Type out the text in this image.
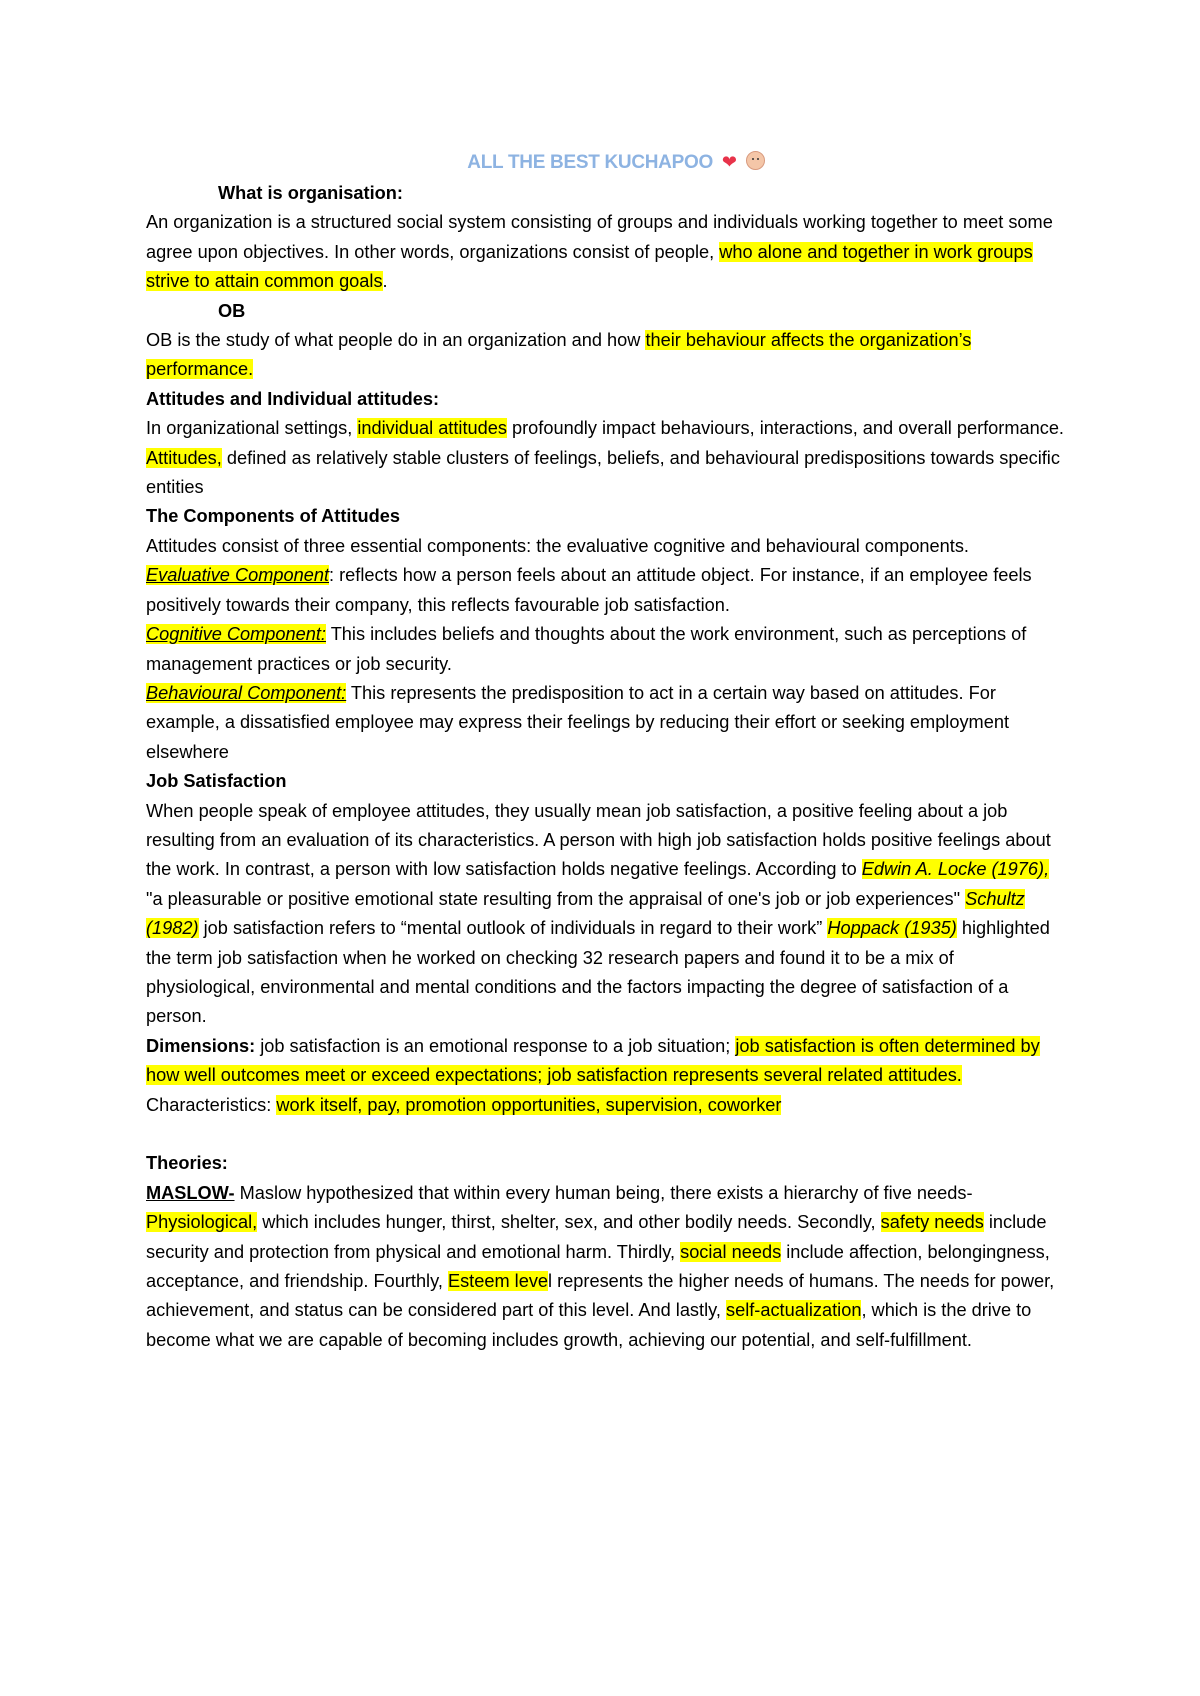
ALL THE BEST KUCHAPOO ❤

What is organisation:

An organization is a structured social system consisting of groups and individuals working together to meet some agree upon objectives. In other words, organizations consist of people, who alone and together in work groups strive to attain common goals.

OB

OB is the study of what people do in an organization and how their behaviour affects the organization’s performance.

Attitudes and Individual attitudes:

In organizational settings, individual attitudes profoundly impact behaviours, interactions, and overall performance. Attitudes, defined as relatively stable clusters of feelings, beliefs, and behavioural predispositions towards specific entities

The Components of Attitudes

Attitudes consist of three essential components: the evaluative cognitive and behavioural components.

Evaluative Component: reflects how a person feels about an attitude object. For instance, if an employee feels positively towards their company, this reflects favourable job satisfaction.

Cognitive Component: This includes beliefs and thoughts about the work environment, such as perceptions of management practices or job security.

Behavioural Component: This represents the predisposition to act in a certain way based on attitudes. For example, a dissatisfied employee may express their feelings by reducing their effort or seeking employment elsewhere

Job Satisfaction

When people speak of employee attitudes, they usually mean job satisfaction, a positive feeling about a job resulting from an evaluation of its characteristics. A person with high job satisfaction holds positive feelings about the work. In contrast, a person with low satisfaction holds negative feelings. According to Edwin A. Locke (1976), "a pleasurable or positive emotional state resulting from the appraisal of one's job or job experiences" Schultz (1982) job satisfaction refers to “mental outlook of individuals in regard to their work” Hoppack (1935) highlighted the term job satisfaction when he worked on checking 32 research papers and found it to be a mix of physiological, environmental and mental conditions and the factors impacting the degree of satisfaction of a person.

Dimensions: job satisfaction is an emotional response to a job situation; job satisfaction is often determined by how well outcomes meet or exceed expectations; job satisfaction represents several related attitudes.

Characteristics: work itself, pay, promotion opportunities, supervision, coworker

Theories:

MASLOW- Maslow hypothesized that within every human being, there exists a hierarchy of five needs- Physiological, which includes hunger, thirst, shelter, sex, and other bodily needs. Secondly, safety needs include security and protection from physical and emotional harm. Thirdly, social needs include affection, belongingness, acceptance, and friendship. Fourthly, Esteem level represents the higher needs of humans. The needs for power, achievement, and status can be considered part of this level. And lastly, self-actualization, which is the drive to become what we are capable of becoming includes growth, achieving our potential, and self-fulfillment.
